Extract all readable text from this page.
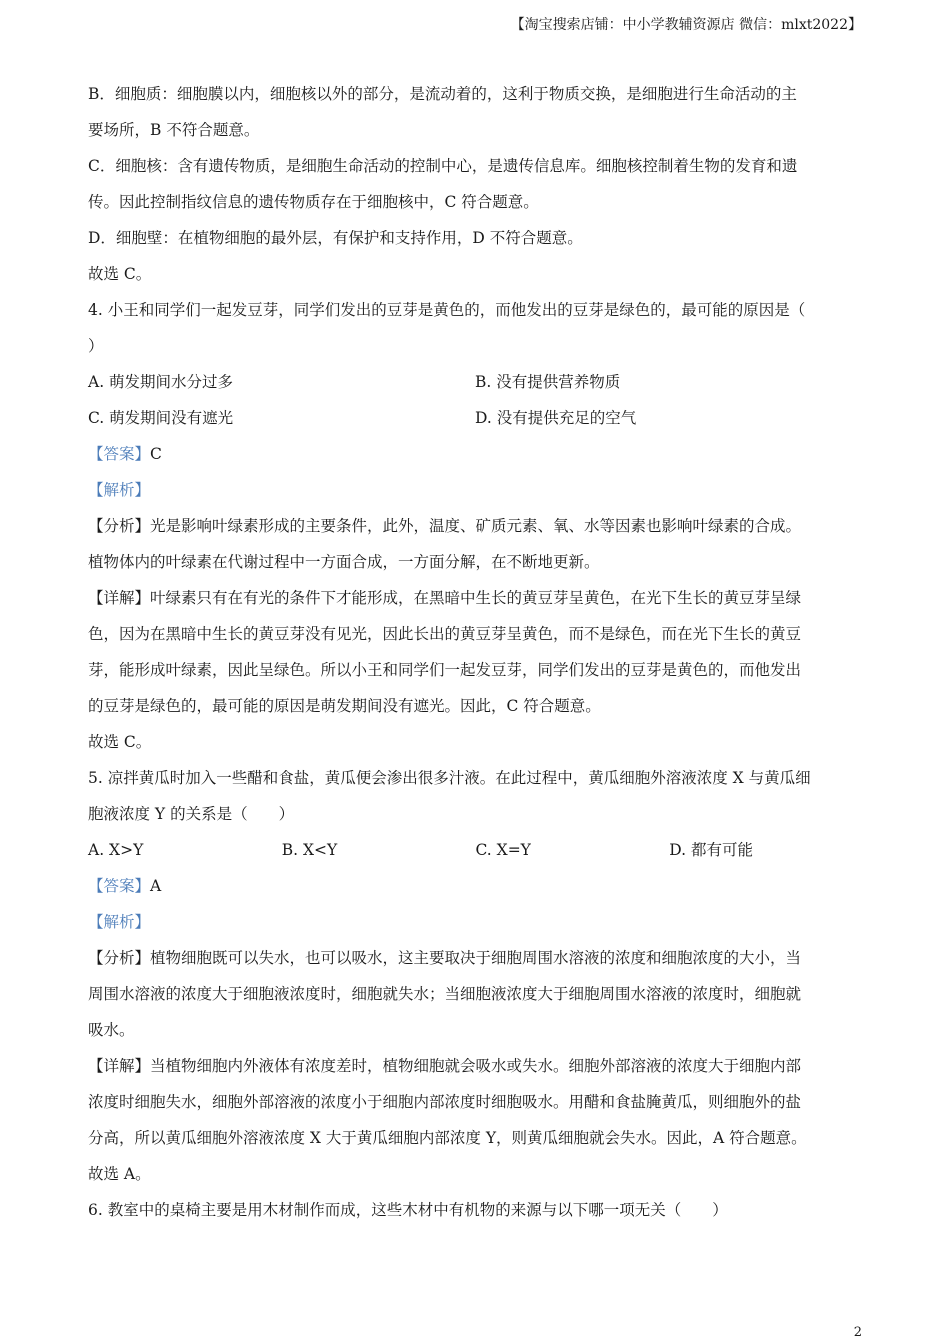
【淘宝搜索店铺：中小学教辅资源店 微信：mlxt2022】
B．细胞质：细胞膜以内，细胞核以外的部分，是流动着的，这利于物质交换，是细胞进行生命活动的主
要场所，B 不符合题意。
C．细胞核：含有遗传物质，是细胞生命活动的控制中心，是遗传信息库。细胞核控制着生物的发育和遗
传。因此控制指纹信息的遗传物质存在于细胞核中，C 符合题意。
D．细胞壁：在植物细胞的最外层，有保护和支持作用，D 不符合题意。
故选 C。
4. 小王和同学们一起发豆芽，同学们发出的豆芽是黄色的，而他发出的豆芽是绿色的，最可能的原因是（
）
A. 萌发期间水分过多	B. 没有提供营养物质
C. 萌发期间没有遮光	D. 没有提供充足的空气
【答案】C
【解析】
【分析】光是影响叶绿素形成的主要条件，此外，温度、矿质元素、氧、水等因素也影响叶绿素的合成。
植物体内的叶绿素在代谢过程中一方面合成，一方面分解，在不断地更新。
【详解】叶绿素只有在有光的条件下才能形成，在黑暗中生长的黄豆芽呈黄色，在光下生长的黄豆芽呈绿
色，因为在黑暗中生长的黄豆芽没有见光，因此长出的黄豆芽呈黄色，而不是绿色，而在光下生长的黄豆
芽，能形成叶绿素，因此呈绿色。所以小王和同学们一起发豆芽，同学们发出的豆芽是黄色的，而他发出
的豆芽是绿色的，最可能的原因是萌发期间没有遮光。因此，C 符合题意。
故选 C。
5. 凉拌黄瓜时加入一些醋和食盐，黄瓜便会渗出很多汁液。在此过程中，黄瓜细胞外溶液浓度 X 与黄瓜细
胞液浓度 Y 的关系是（　　）
A. X>Y	B. X<Y	C. X=Y	D. 都有可能
【答案】A
【解析】
【分析】植物细胞既可以失水，也可以吸水，这主要取决于细胞周围水溶液的浓度和细胞浓度的大小，当
周围水溶液的浓度大于细胞液浓度时，细胞就失水；当细胞液浓度大于细胞周围水溶液的浓度时，细胞就
吸水。
【详解】当植物细胞内外液体有浓度差时，植物细胞就会吸水或失水。细胞外部溶液的浓度大于细胞内部
浓度时细胞失水，细胞外部溶液的浓度小于细胞内部浓度时细胞吸水。用醋和食盐腌黄瓜，则细胞外的盐
分高，所以黄瓜细胞外溶液浓度 X 大于黄瓜细胞内部浓度 Y，则黄瓜细胞就会失水。因此，A 符合题意。
故选 A。
6. 教室中的桌椅主要是用木材制作而成，这些木材中有机物的来源与以下哪一项无关（　　）
2
